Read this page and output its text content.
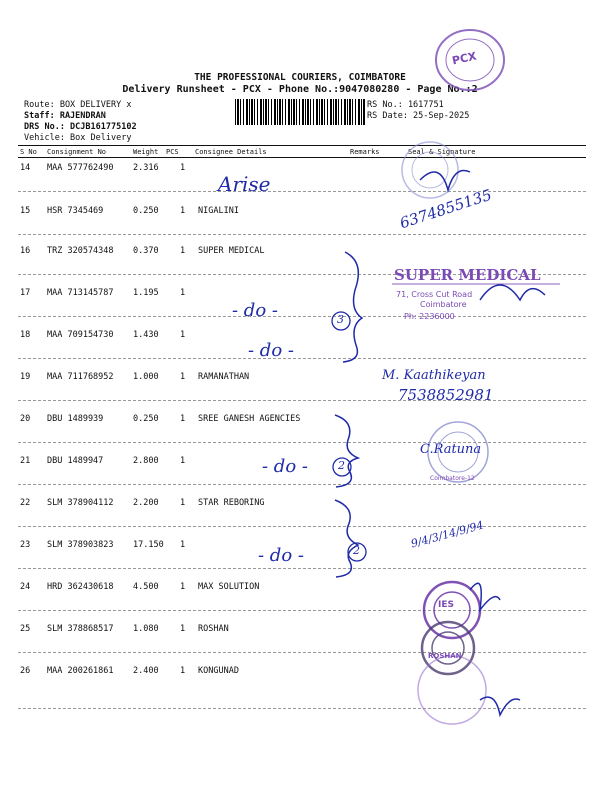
THE PROFESSIONAL COURIERS, COIMBATORE
Delivery Runsheet - PCX - Phone No.:9047080280 - Page No.:2
Route: BOX DELIVERY x
Staff: RAJENDRAN
DRS No.: DCJB161775102
Vehicle: Box Delivery
RS No.: 1617751
RS Date: 25-Sep-2025
S No Consignment No	Weight PCS Consignee Details	Remarks	Seal & Signature
14 MAA 577762490 2.316	1
15 HSR 7345469	0.250	1 NIGALINI
16 TRZ 320574348 0.370	1 SUPER MEDICAL
17 MAA 713145787 1.195	1
18 MAA 709154730 1.430	1
19 MAA 711768952 1.000	1 RAMANATHAN
20 DBU 1489939	0.250	1 SREE GANESH AGENCIES
21 DBU 1489947	2.800	1
22 SLM 378904112 2.200	1 STAR REBORING
23 SLM 378903823 17.150 1
24 HRD 362430618 4.500	1 MAX SOLUTION
25 SLM 378868517 1.080	1 ROSHAN
26 MAA 200261861 2.400	1 KONGUNAD
Arise
6374855135
- do -	3
- do -
M. Kaathikeyan
7538852981
- do -	2
C.Ratuna
9/4/3/14/9/94
- do -	2
PCX
SUPER MEDICAL
71, Cross Cut Road
Coimbatore
Ph: 2236000
Coimbatore-12
IES
ROSHAN
